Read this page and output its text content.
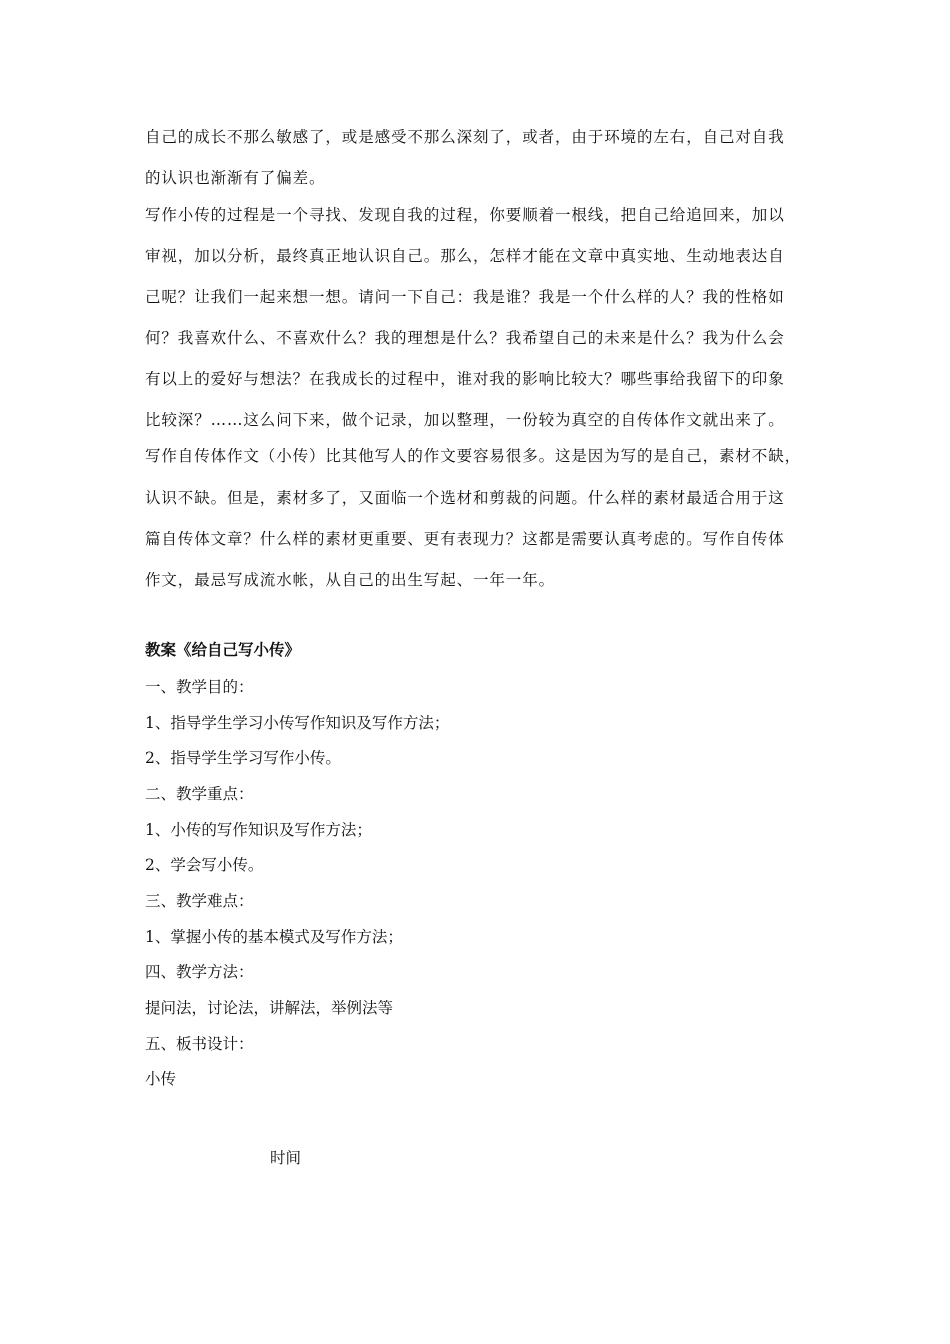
自己的成长不那么敏感了，或是感受不那么深刻了，或者，由于环境的左右，自己对自我

的认识也渐渐有了偏差。

写作小传的过程是一个寻找、发现自我的过程，你要顺着一根线，把自己给追回来，加以

审视，加以分析，最终真正地认识自己。那么，怎样才能在文章中真实地、生动地表达自

己呢？让我们一起来想一想。请问一下自己：我是谁？我是一个什么样的人？我的性格如

何？我喜欢什么、不喜欢什么？我的理想是什么？我希望自己的未来是什么？我为什么会

有以上的爱好与想法？在我成长的过程中，谁对我的影响比较大？哪些事给我留下的印象

比较深？……这么问下来，做个记录，加以整理，一份较为真空的自传体作文就出来了。

写作自传体作文（小传）比其他写人的作文要容易很多。这是因为写的是自己，素材不缺，

认识不缺。但是，素材多了，又面临一个选材和剪裁的问题。什么样的素材最适合用于这

篇自传体文章？什么样的素材更重要、更有表现力？这都是需要认真考虑的。写作自传体

作文，最忌写成流水帐，从自己的出生写起、一年一年。

教案《给自己写小传》

一、教学目的：

1、指导学生学习小传写作知识及写作方法；

2、指导学生学习写作小传。

二、教学重点：

1、小传的写作知识及写作方法；

2、学会写小传。

三、教学难点：

1、掌握小传的基本模式及写作方法；

四、教学方法：

提问法，讨论法，讲解法，举例法等

五、板书设计：

小传

时间
